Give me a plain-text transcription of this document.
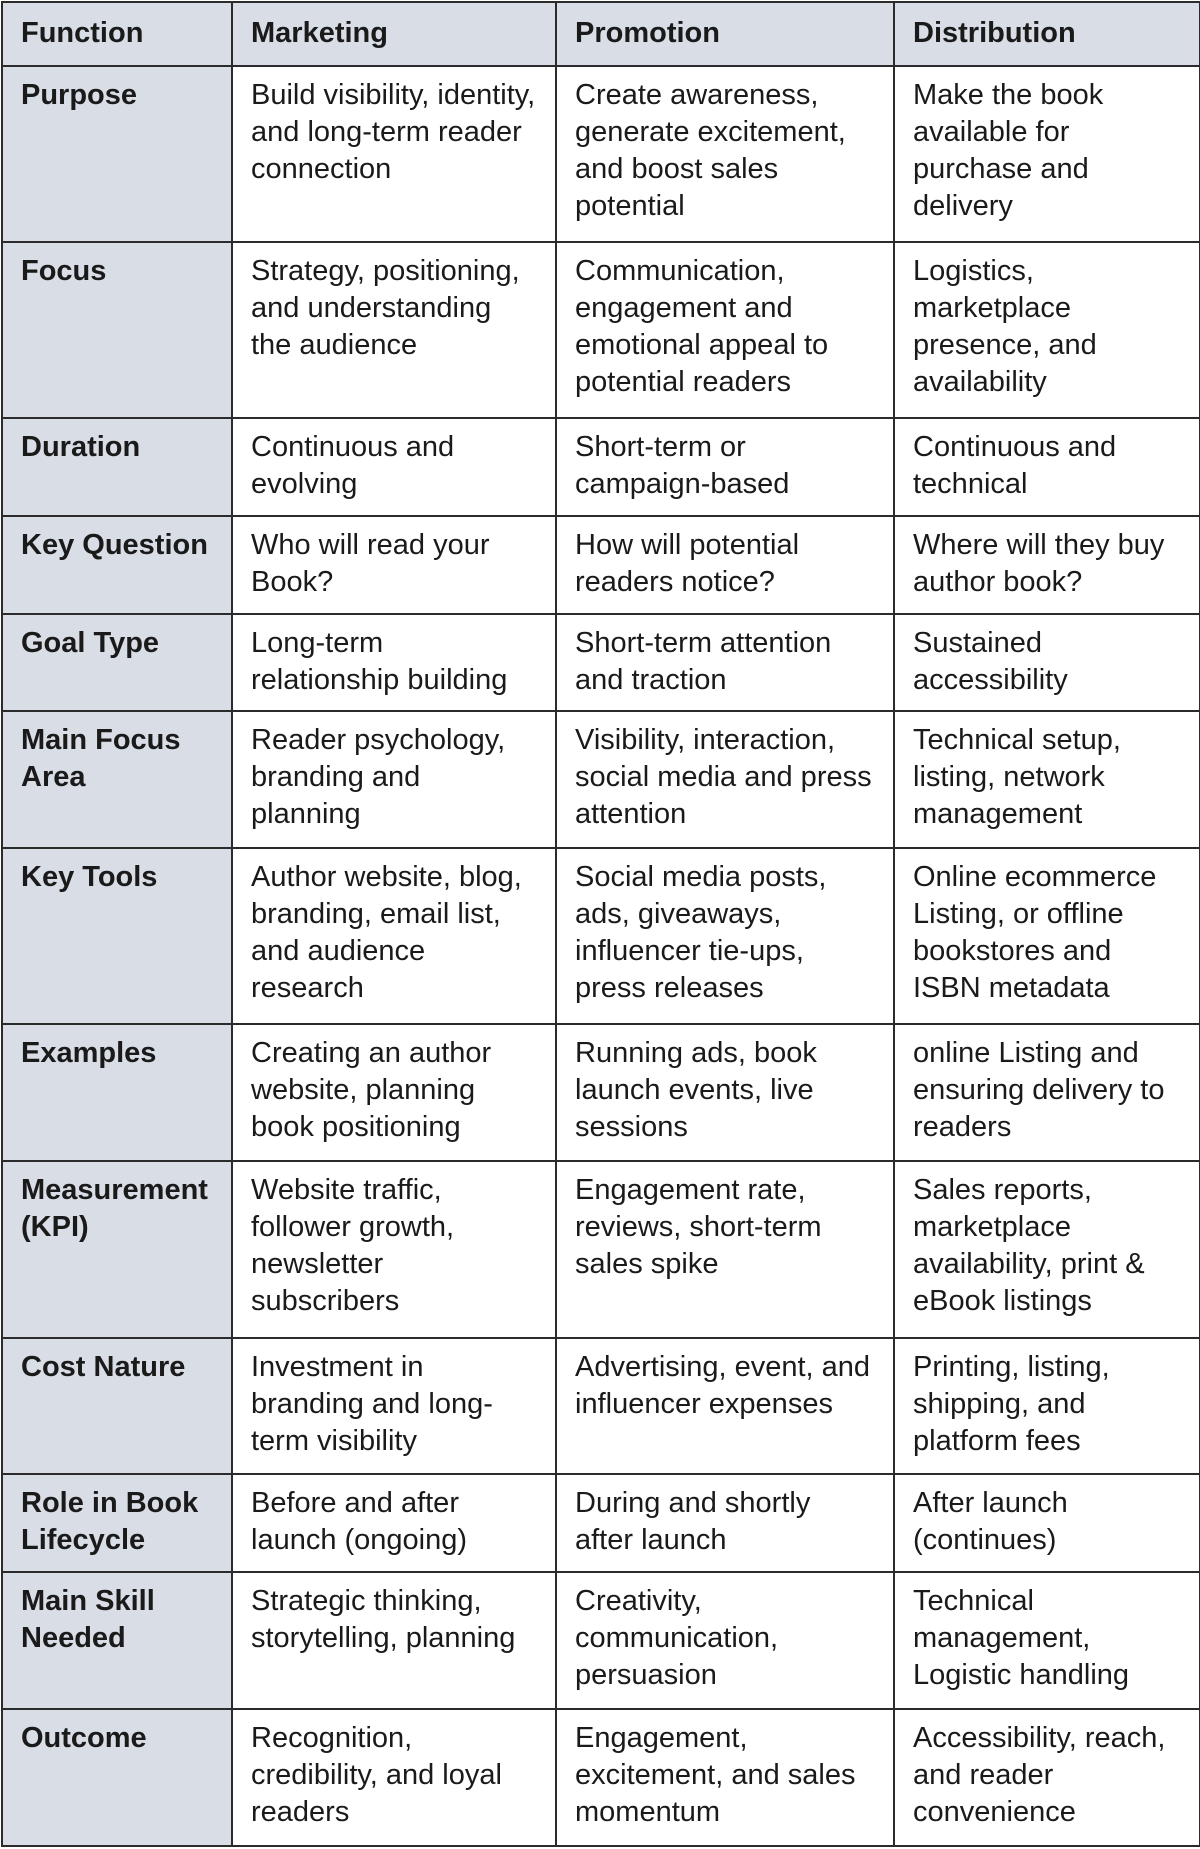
Function	Marketing	Promotion	Distribution
Purpose	Build visibility, identity, and long-term reader connection	Create awareness, generate excitement, and boost sales potential	Make the book available for purchase and delivery
Focus	Strategy, positioning, and understanding the audience	Communication, engagement and emotional appeal to potential readers	Logistics, marketplace presence, and availability
Duration	Continuous and evolving	Short-term or campaign-based	Continuous and technical
Key Question	Who will read your Book?	How will potential readers notice?	Where will they buy author book?
Goal Type	Long-term relationship building	Short-term attention and traction	Sustained accessibility
Main Focus Area	Reader psychology, branding and planning	Visibility, interaction, social media and press attention	Technical setup, listing, network management
Key Tools	Author website, blog, branding, email list, and audience research	Social media posts, ads, giveaways, influencer tie-ups, press releases	Online ecommerce Listing, or offline bookstores and ISBN metadata
Examples	Creating an author website, planning book positioning	Running ads, book launch events, live sessions	online Listing and ensuring delivery to readers
Measurement (KPI)	Website traffic, follower growth, newsletter subscribers	Engagement rate, reviews, short-term sales spike	Sales reports, marketplace availability, print & eBook listings
Cost Nature	Investment in branding and long-term visibility	Advertising, event, and influencer expenses	Printing, listing, shipping, and platform fees
Role in Book Lifecycle	Before and after launch (ongoing)	During and shortly after launch	After launch (continues)
Main Skill Needed	Strategic thinking, storytelling, planning	Creativity, communication, persuasion	Technical management, Logistic handling
Outcome	Recognition, credibility, and loyal readers	Engagement, excitement, and sales momentum	Accessibility, reach, and reader convenience
